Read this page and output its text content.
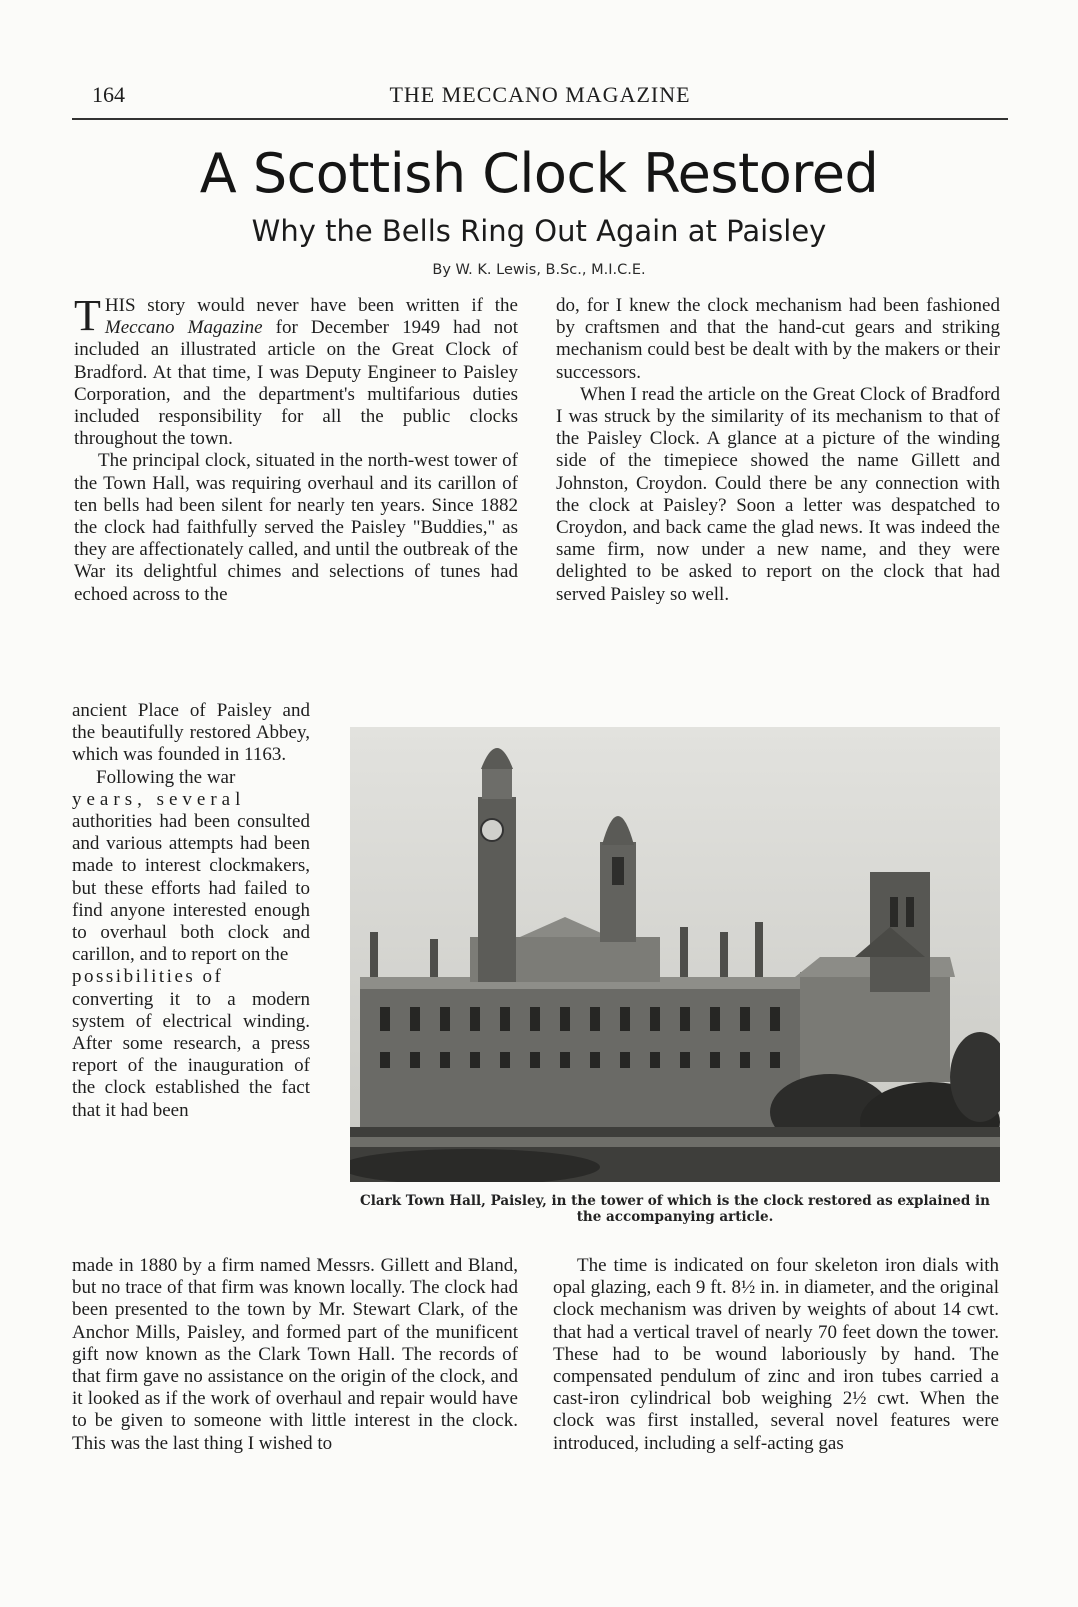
164	THE MECCANO MAGAZINE
A Scottish Clock Restored
Why the Bells Ring Out Again at Paisley
By W. K. Lewis, B.Sc., M.I.C.E.

THIS story would never have been written if the Meccano Magazine for December 1949 had not included an illustrated article on the Great Clock of Bradford. At that time, I was Deputy Engineer to Paisley Corporation, and the department's multifarious duties included responsibility for all the public clocks throughout the town.

The principal clock, situated in the north-west tower of the Town Hall, was requiring overhaul and its carillon of ten bells had been silent for nearly ten years. Since 1882 the clock had faithfully served the Paisley "Buddies," as they are affectionately called, and until the outbreak of the War its delightful chimes and selections of tunes had echoed across to the

do, for I knew the clock mechanism had been fashioned by craftsmen and that the hand-cut gears and striking mechanism could best be dealt with by the makers or their successors.

When I read the article on the Great Clock of Bradford I was struck by the similarity of its mechanism to that of the Paisley Clock. A glance at a picture of the winding side of the timepiece showed the name Gillett and Johnston, Croydon. Could there be any connection with the clock at Paisley? Soon a letter was despatched to Croydon, and back came the glad news. It was indeed the same firm, now under a new name, and they were delighted to be asked to report on the clock that had served Paisley so well.

ancient Place of Paisley and the beautifully restored Abbey, which was founded in 1163.

Following the war
years, several
authorities had been consulted and various attempts had been made to interest clockmakers, but these efforts had failed to find anyone interested enough to overhaul both clock and carillon, and to report on the
possibilities of
converting it to a modern system of electrical winding. After some research, a press report of the inauguration of the clock established the fact that it had been

Clark Town Hall, Paisley, in the tower of which is the clock restored as explained in the accompanying article.

made in 1880 by a firm named Messrs. Gillett and Bland, but no trace of that firm was known locally. The clock had been presented to the town by Mr. Stewart Clark, of the Anchor Mills, Paisley, and formed part of the munificent gift now known as the Clark Town Hall. The records of that firm gave no assistance on the origin of the clock, and it looked as if the work of overhaul and repair would have to be given to someone with little interest in the clock. This was the last thing I wished to

The time is indicated on four skeleton iron dials with opal glazing, each 9 ft. 8½ in. in diameter, and the original clock mechanism was driven by weights of about 14 cwt. that had a vertical travel of nearly 70 feet down the tower. These had to be wound laboriously by hand. The compensated pendulum of zinc and iron tubes carried a cast-iron cylindrical bob weighing 2½ cwt. When the clock was first installed, several novel features were introduced, including a self-acting gas
